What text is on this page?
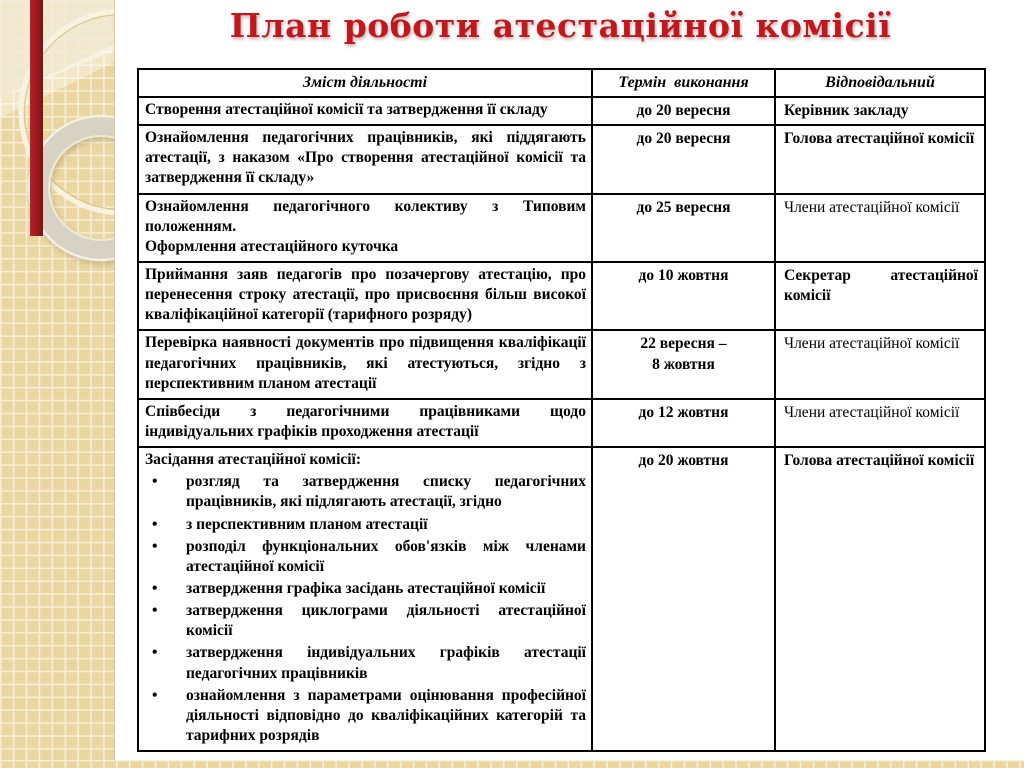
План роботи атестаційної комісії
Зміст діяльності	Термін  виконання	Відповідальний

Створення атестаційної комісії та затвердження її складу	до 20 вересня	Керівник закладу

Ознайомлення педагогічних працівників, які піддягають атестації, з наказом «Про створення атестаційної комісії та затвердження її складу»	до 20 вересня	Голова атестаційної комісії

Ознайомлення педагогічного колективу з Типовим положенням.
Оформлення атестаційного куточка	до 25 вересня	Члени атестаційної комісії

Приймання заяв педагогів про позачергову атестацію, про перенесення строку атестації, про присвоєння більш високої кваліфікаційної категорії (тарифного розряду)	до 10 жовтня	Секретар атестаційної комісії

Перевірка наявності документів про підвищення кваліфікації педагогічних працівників, які атестуються, згідно з перспективним планом атестації	22 вересня –
8 жовтня	Члени атестаційної комісії

Співбесіди з педагогічними працівниками щодо індивідуальних графіків проходження атестації	до 12 жовтня	Члени атестаційної комісії

Засідання атестаційної комісії:
• розгляд та затвердження списку педагогічних працівників, які підлягають атестації, згідно
• з перспективним планом атестації
• розподіл функціональних обов'язків між членами атестаційної комісії
• затвердження графіка засідань атестаційної комісії
• затвердження циклограми діяльності атестаційної комісії
• затвердження індивідуальних графіків атестації педагогічних працівників
• ознайомлення з параметрами оцінювання професійної діяльності відповідно до кваліфікаційних категорій та тарифних розрядів

до 20 жовтня	Голова атестаційної комісії
